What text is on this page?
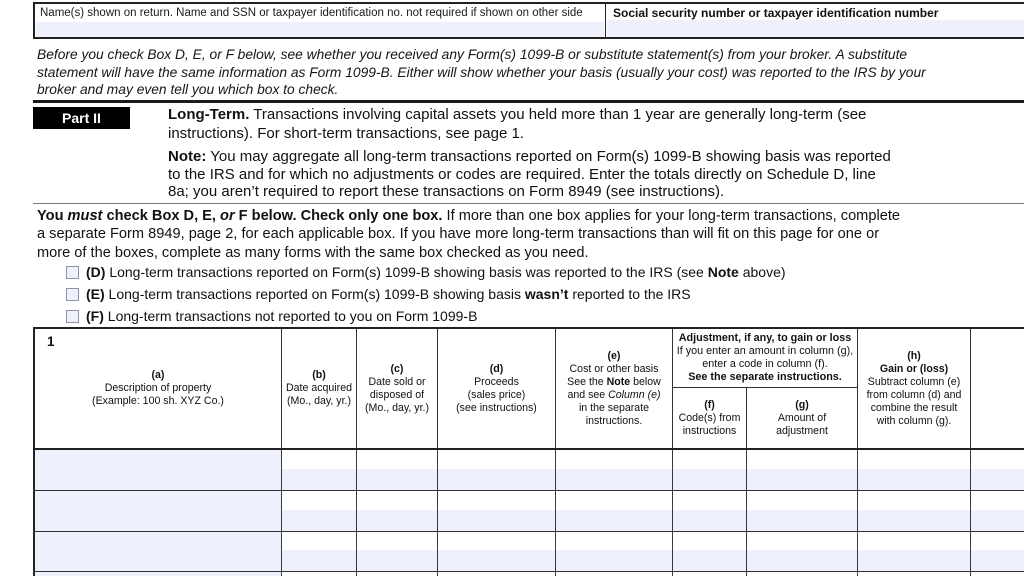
Name(s) shown on return. Name and SSN or taxpayer identification no. not required if shown on other side	Social security number or taxpayer identification number
Before you check Box D, E, or F below, see whether you received any Form(s) 1099-B or substitute statement(s) from your broker. A substitute
statement will have the same information as Form 1099-B. Either will show whether your basis (usually your cost) was reported to the IRS by your
broker and may even tell you which box to check.
Part II	Long-Term. Transactions involving capital assets you held more than 1 year are generally long-term (see
instructions). For short-term transactions, see page 1.
Note: You may aggregate all long-term transactions reported on Form(s) 1099-B showing basis was reported
to the IRS and for which no adjustments or codes are required. Enter the totals directly on Schedule D, line
8a; you aren’t required to report these transactions on Form 8949 (see instructions).
You must check Box D, E, or F below. Check only one box. If more than one box applies for your long-term transactions, complete
a separate Form 8949, page 2, for each applicable box. If you have more long-term transactions than will fit on this page for one or
more of the boxes, complete as many forms with the same box checked as you need.
(D) Long-term transactions reported on Form(s) 1099-B showing basis was reported to the IRS (see Note above)
(E) Long-term transactions reported on Form(s) 1099-B showing basis wasn’t reported to the IRS
(F) Long-term transactions not reported to you on Form 1099-B
1
(a)
Description of property
(Example: 100 sh. XYZ Co.)
(b)
Date acquired
(Mo., day, yr.)
(c)
Date sold or
disposed of
(Mo., day, yr.)
(d)
Proceeds
(sales price)
(see instructions)
(e)
Cost or other basis
See the Note below
and see Column (e)
in the separate
instructions.
Adjustment, if any, to gain or loss
If you enter an amount in column (g),
enter a code in column (f).
See the separate instructions.
(f)
Code(s) from
instructions
(g)
Amount of
adjustment
(h)
Gain or (loss)
Subtract column (e)
from column (d) and
combine the result
with column (g).
